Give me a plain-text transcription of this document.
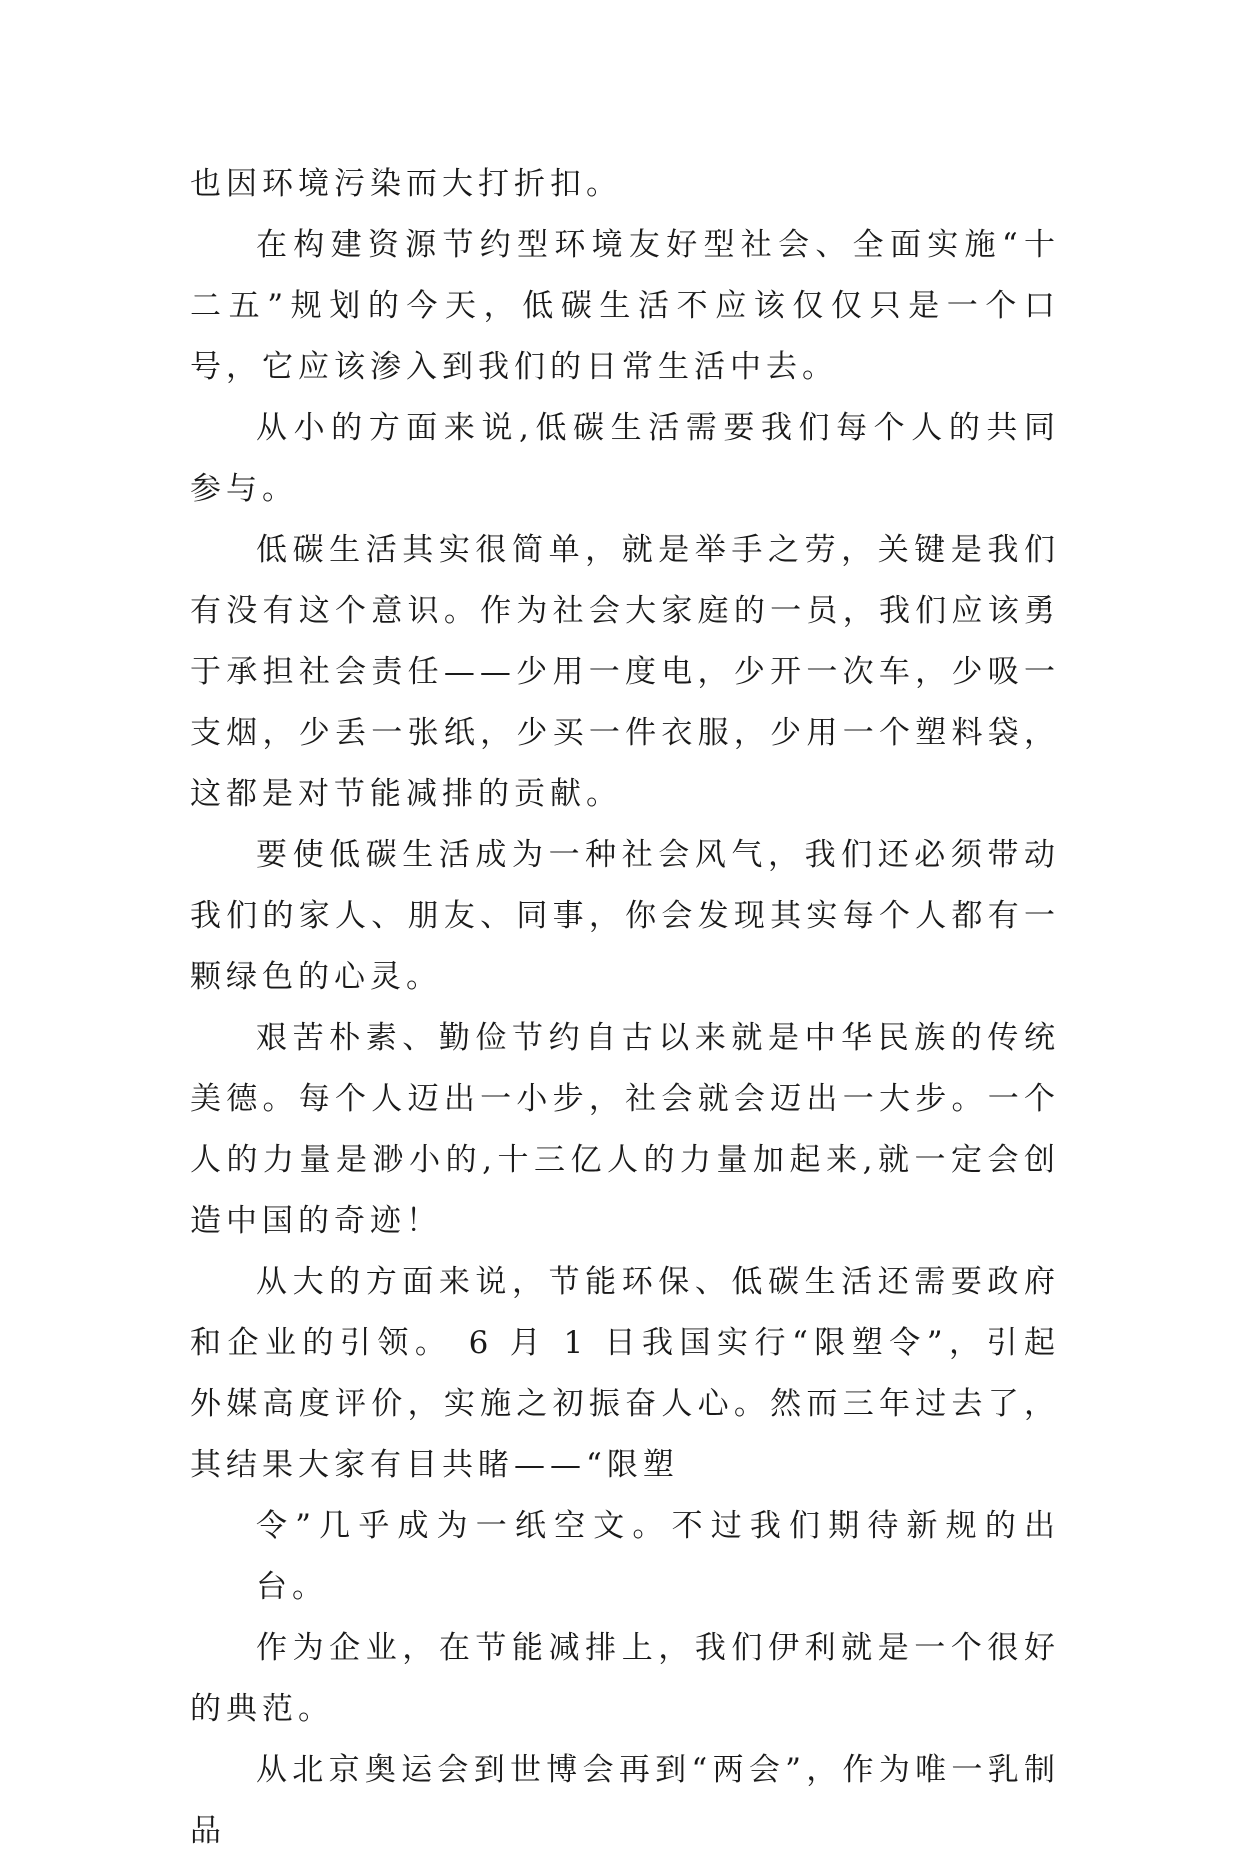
也因环境污染而大打折扣。

在构建资源节约型环境友好型社会、全面实施“十二五”规划的今天，低碳生活不应该仅仅只是一个口号，它应该渗入到我们的日常生活中去。

从小的方面来说,低碳生活需要我们每个人的共同参与。

低碳生活其实很简单，就是举手之劳，关键是我们有没有这个意识。作为社会大家庭的一员，我们应该勇于承担社会责任——少用一度电，少开一次车，少吸一支烟，少丢一张纸，少买一件衣服，少用一个塑料袋，这都是对节能减排的贡献。

要使低碳生活成为一种社会风气，我们还必须带动我们的家人、朋友、同事，你会发现其实每个人都有一颗绿色的心灵。

艰苦朴素、勤俭节约自古以来就是中华民族的传统美德。每个人迈出一小步，社会就会迈出一大步。一个人的力量是渺小的,十三亿人的力量加起来,就一定会创造中国的奇迹！

从大的方面来说，节能环保、低碳生活还需要政府和企业的引领。 6 月 1 日我国实行“限塑令”，引起外媒高度评价，实施之初振奋人心。然而三年过去了，其结果大家有目共睹——“限塑

令”几乎成为一纸空文。不过我们期待新规的出台。

作为企业，在节能减排上，我们伊利就是一个很好的典范。

从北京奥运会到世博会再到“两会”，作为唯一乳制品
